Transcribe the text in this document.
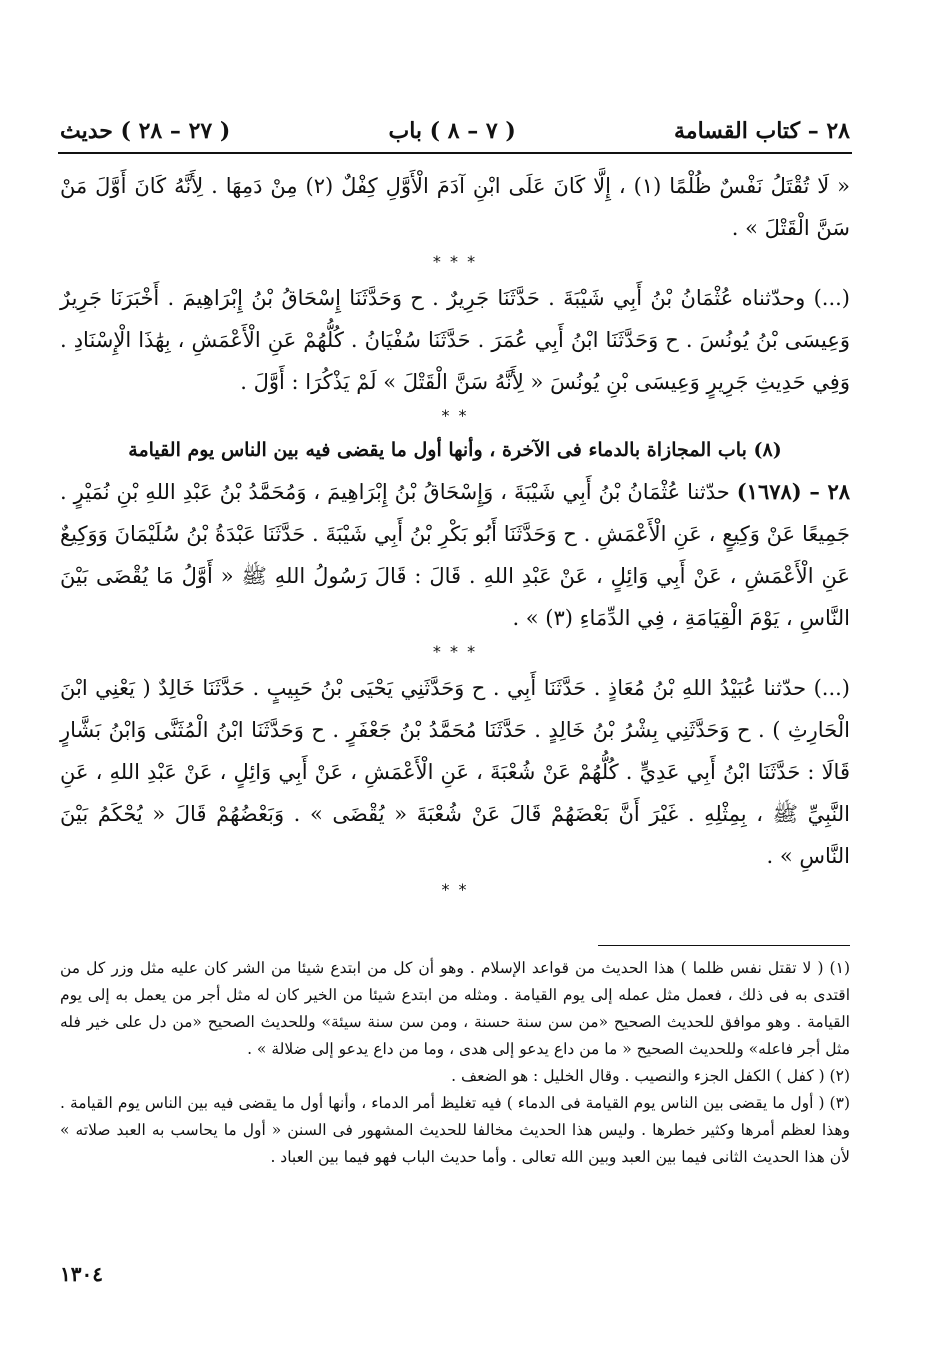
٢٨ – كتاب القسامة
( ٧ – ٨ ) باب
( ٢٧ – ٢٨ ) حديث

« لَا تُقْتَلُ نَفْسٌ ظُلْمًا (١) ، إِلَّا كَانَ عَلَى ابْنِ آدَمَ الْأَوَّلِ كِفْلٌ (٢) مِنْ دَمِهَا . لِأَنَّهُ كَانَ أَوَّلَ مَنْ سَنَّ الْقَتْلَ » .

* * *

(...) وحدّثناه عُثْمَانُ بْنُ أَبِي شَيْبَةَ . حَدَّثَنَا جَرِيرٌ . ح وَحَدَّثَنَا إِسْحَاقُ بْنُ إِبْرَاهِيمَ . أَخْبَرَنَا جَرِيرٌ وَعِيسَى بْنُ يُونُسَ . ح وَحَدَّثَنَا ابْنُ أَبِي عُمَرَ . حَدَّثَنَا سُفْيَانُ . كُلُّهُمْ عَنِ الْأَعْمَشِ ، بِهَٰذَا الْإِسْنَادِ . وَفِي حَدِيثِ جَرِيرٍ وَعِيسَى بْنِ يُونُسَ « لِأَنَّهُ سَنَّ الْقَتْلَ » لَمْ يَذْكُرَا : أَوَّلَ .

* *
(٨) باب المجازاة بالدماء فى الآخرة ، وأنها أول ما يقضى فيه بين الناس يوم القيامة

٢٨ – (١٦٧٨) حدّثنا عُثْمَانُ بْنُ أَبِي شَيْبَةَ ، وَإِسْحَاقُ بْنُ إِبْرَاهِيمَ ، وَمُحَمَّدُ بْنُ عَبْدِ اللهِ بْنِ نُمَيْرٍ . جَمِيعًا عَنْ وَكِيعٍ ، عَنِ الْأَعْمَشِ . ح وَحَدَّثَنَا أَبُو بَكْرِ بْنُ أَبِي شَيْبَةَ . حَدَّثَنَا عَبْدَةُ بْنُ سُلَيْمَانَ وَوَكِيعٌ عَنِ الْأَعْمَشِ ، عَنْ أَبِي وَائِلٍ ، عَنْ عَبْدِ اللهِ . قَالَ : قَالَ رَسُولُ اللهِ ﷺ « أَوَّلُ مَا يُقْضَى بَيْنَ النَّاسِ ، يَوْمَ الْقِيَامَةِ ، فِي الدِّمَاءِ (٣) » .

* * *

(...) حدّثنا عُبَيْدُ اللهِ بْنُ مُعَاذٍ . حَدَّثَنَا أَبِي . ح وَحَدَّثَنِي يَحْيَى بْنُ حَبِيبٍ . حَدَّثَنَا خَالِدٌ ( يَعْنِي ابْنَ الْحَارِثِ ) . ح وَحَدَّثَنِي بِشْرُ بْنُ خَالِدٍ . حَدَّثَنَا مُحَمَّدُ بْنُ جَعْفَرٍ . ح وَحَدَّثَنَا ابْنُ الْمُثَنَّى وَابْنُ بَشَّارٍ قَالَا : حَدَّثَنَا ابْنُ أَبِي عَدِيٍّ . كُلُّهُمْ عَنْ شُعْبَةَ ، عَنِ الْأَعْمَشِ ، عَنْ أَبِي وَائِلٍ ، عَنْ عَبْدِ اللهِ ، عَنِ النَّبِيِّ ﷺ ، بِمِثْلِهِ . غَيْرَ أَنَّ بَعْضَهُمْ قَالَ عَنْ شُعْبَةَ « يُقْضَى » . وَبَعْضُهُمْ قَالَ « يُحْكَمُ بَيْنَ النَّاسِ » .

* *

(١) ( لا تقتل نفس ظلما ) هذا الحديث من قواعد الإسلام . وهو أن كل من ابتدع شيئا من الشر كان عليه مثل وزر كل من اقتدى به فى ذلك ، فعمل مثل عمله إلى يوم القيامة . ومثله من ابتدع شيئا من الخير كان له مثل أجر من يعمل به إلى يوم القيامة . وهو موافق للحديث الصحيح «من سن سنة حسنة ، ومن سن سنة سيئة» وللحديث الصحيح «من دل على خير فله مثل أجر فاعله» وللحديث الصحيح « ما من داع يدعو إلى هدى ، وما من داع يدعو إلى ضلالة » .

(٢) ( كفل ) الكفل الجزء والنصيب . وقال الخليل : هو الضعف .

(٣) ( أول ما يقضى بين الناس يوم القيامة فى الدماء ) فيه تغليظ أمر الدماء ، وأنها أول ما يقضى فيه بين الناس يوم القيامة . وهذا لعظم أمرها وكثير خطرها . وليس هذا الحديث مخالفا للحديث المشهور فى السنن « أول ما يحاسب به العبد صلاته » لأن هذا الحديث الثانى فيما بين العبد وبين الله تعالى . وأما حديث الباب فهو فيما بين العباد .

١٣٠٤
